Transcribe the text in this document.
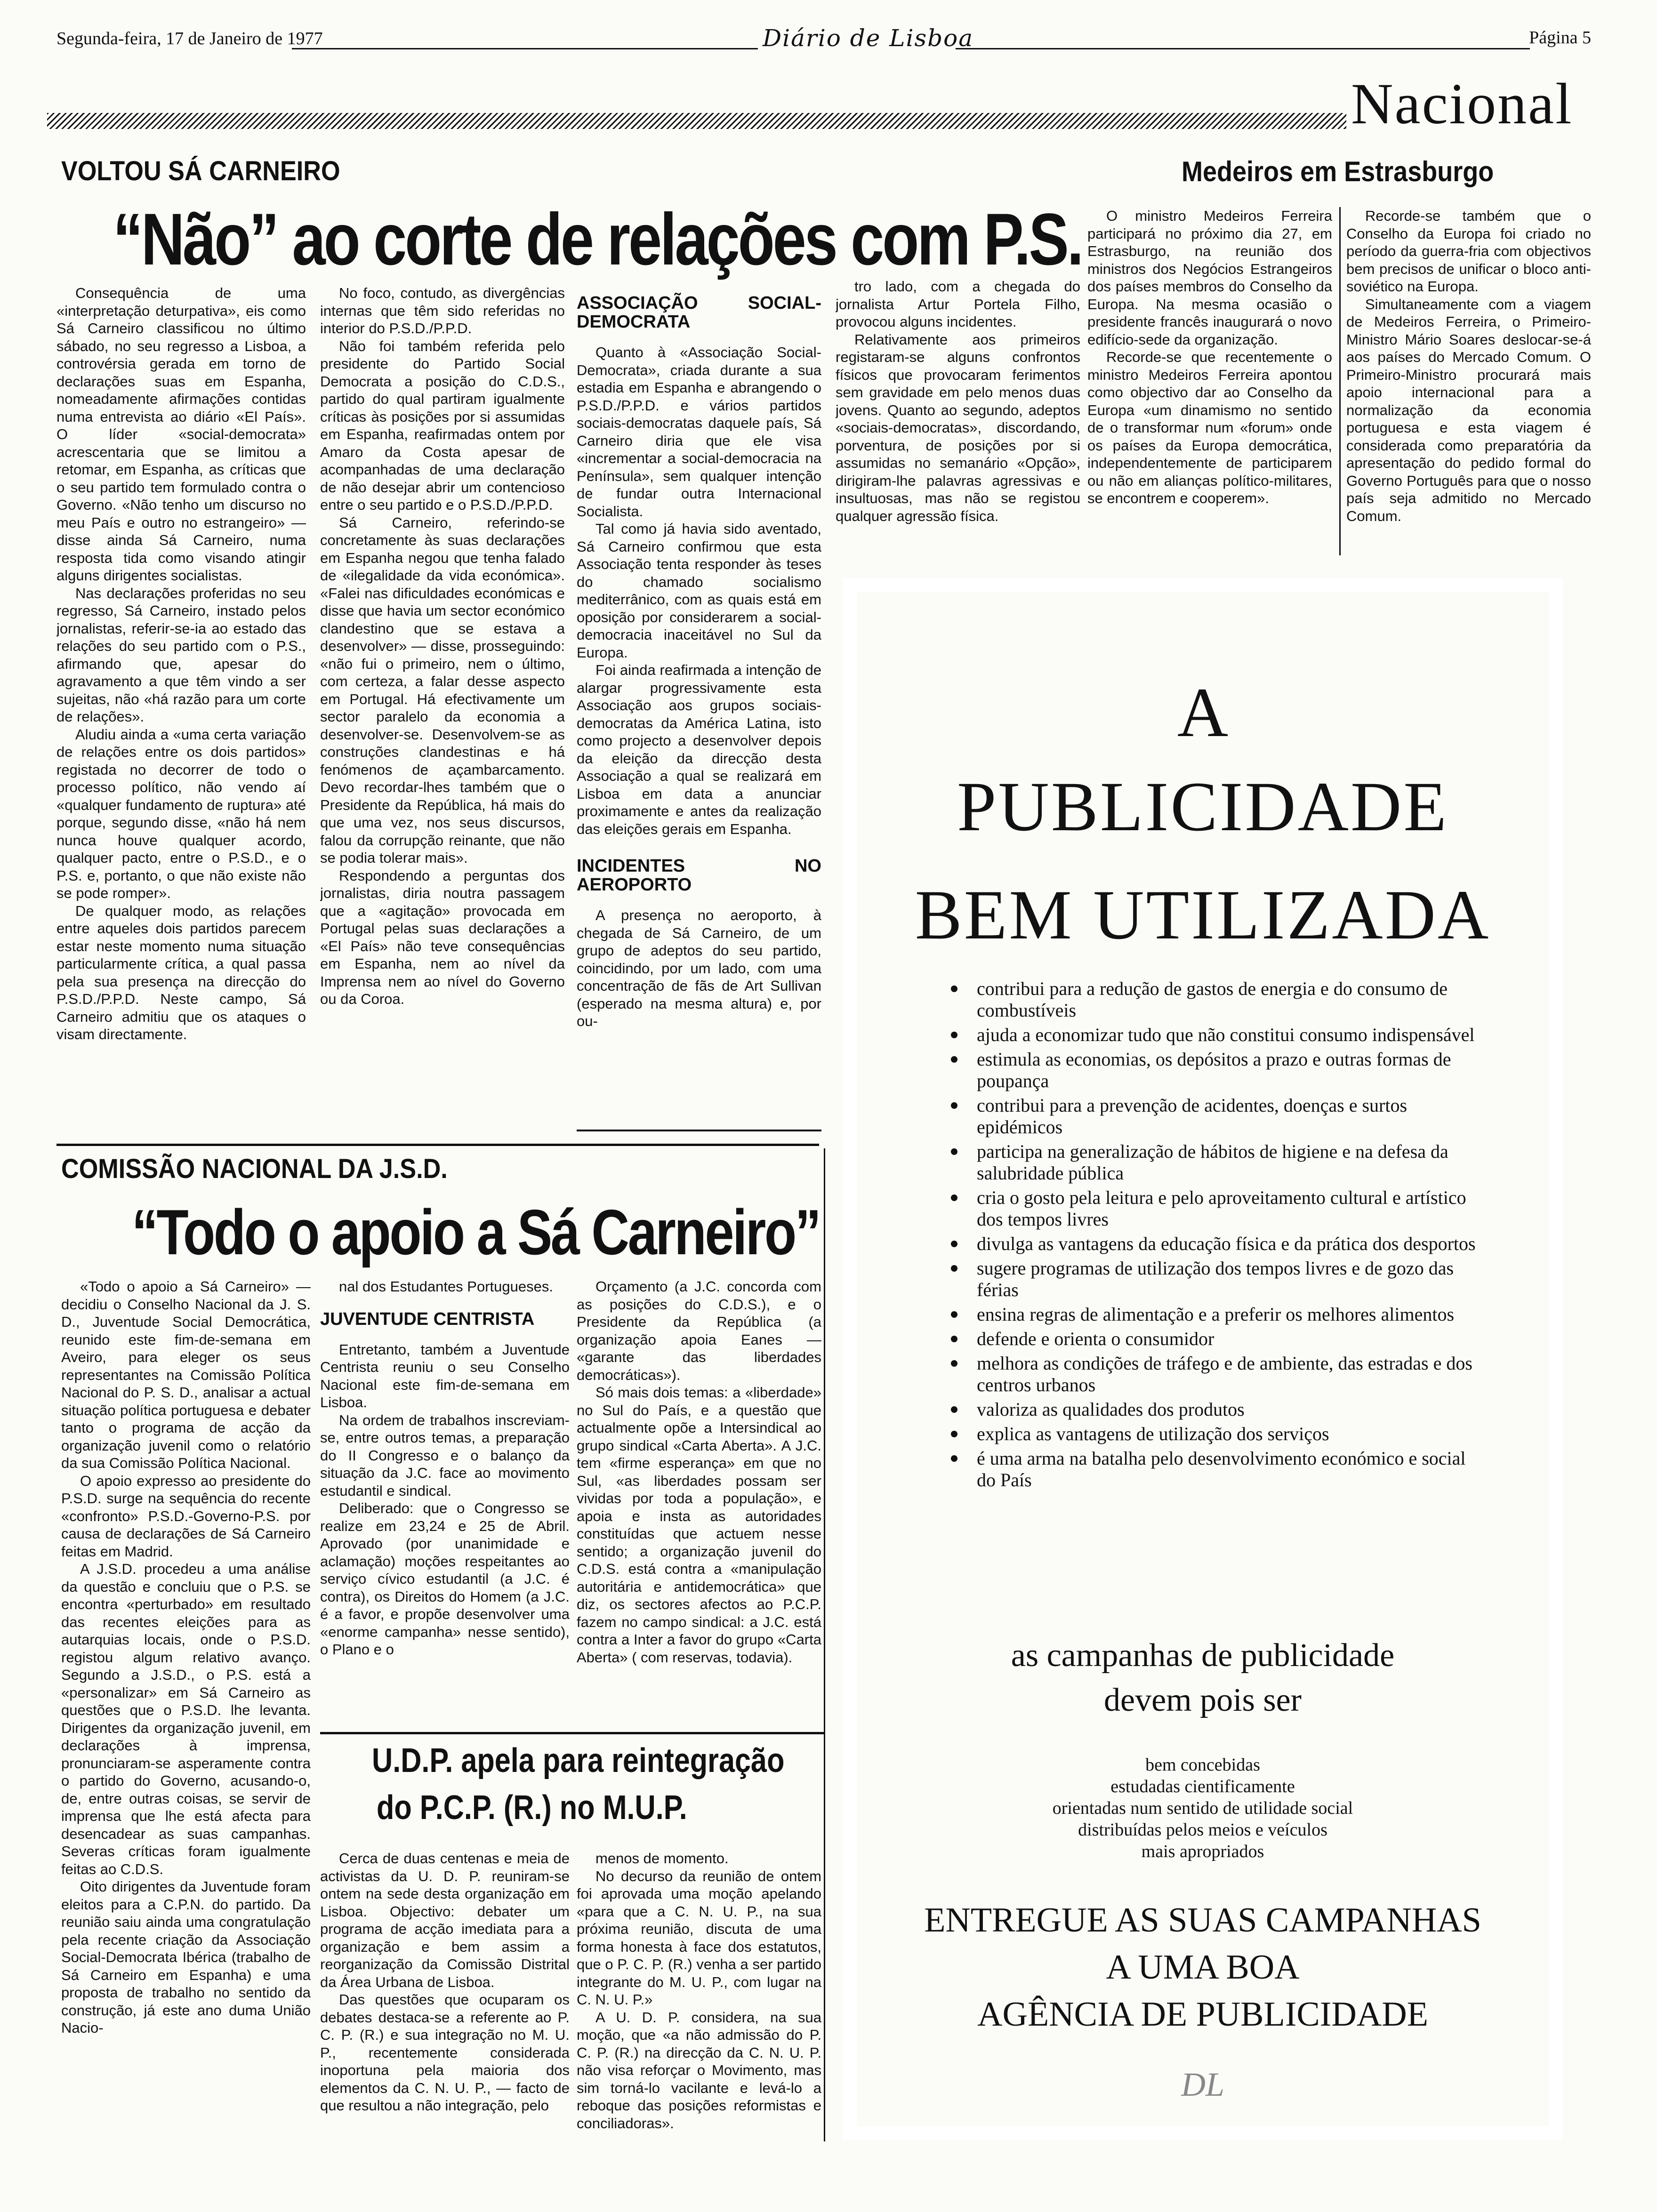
Segunda-feira, 17 de Janeiro de 1977	Diário de Lisboa	Página 5
Nacional
VOLTOU SÁ CARNEIRO
“Não” ao corte de relações com P.S.

Consequência de uma «interpretação deturpativa», eis como Sá Carneiro classificou no último sábado, no seu regresso a Lisboa, a controvérsia gerada em torno de declarações suas em Espanha, nomeadamente afirmações contidas numa entrevista ao diário «El País». O líder «social-democrata» acrescentaria que se limitou a retomar, em Espanha, as críticas que o seu partido tem formulado contra o Governo. «Não tenho um discurso no meu País e outro no estrangeiro» — disse ainda Sá Carneiro, numa resposta tida como visando atingir alguns dirigentes socialistas.

Nas declarações proferidas no seu regresso, Sá Carneiro, instado pelos jornalistas, referir-se-ia ao estado das relações do seu partido com o P.S., afirmando que, apesar do agravamento a que têm vindo a ser sujeitas, não «há razão para um corte de relações».

Aludiu ainda a «uma certa variação de relações entre os dois partidos» registada no decorrer de todo o processo político, não vendo aí «qualquer fundamento de ruptura» até porque, segundo disse, «não há nem nunca houve qualquer acordo, qualquer pacto, entre o P.S.D., e o P.S. e, portanto, o que não existe não se pode romper».

De qualquer modo, as relações entre aqueles dois partidos parecem estar neste momento numa situação particularmente crítica, a qual passa pela sua presença na direcção do P.S.D./P.P.D. Neste campo, Sá Carneiro admitiu que os ataques o visam directamente.

No foco, contudo, as divergências internas que têm sido referidas no interior do P.S.D./P.P.D.

Não foi também referida pelo presidente do Partido Social Democrata a posição do C.D.S., partido do qual partiram igualmente críticas às posições por si assumidas em Espanha, reafirmadas ontem por Amaro da Costa apesar de acompanhadas de uma declaração de não desejar abrir um contencioso entre o seu partido e o P.S.D./P.P.D.

Sá Carneiro, referindo-se concretamente às suas declarações em Espanha negou que tenha falado de «ilegalidade da vida económica». «Falei nas dificuldades económicas e disse que havia um sector económico clandestino que se estava a desenvolver» — disse, prosseguindo: «não fui o primeiro, nem o último, com certeza, a falar desse aspecto em Portugal. Há efectivamente um sector paralelo da economia a desenvolver-se. Desenvolvem-se as construções clandestinas e há fenómenos de açambarcamento. Devo recordar-lhes também que o Presidente da República, há mais do que uma vez, nos seus discursos, falou da corrupção reinante, que não se podia tolerar mais».

Respondendo a perguntas dos jornalistas, diria noutra passagem que a «agitação» provocada em Portugal pelas suas declarações a «El País» não teve consequências em Espanha, nem ao nível da Imprensa nem ao nível do Governo ou da Coroa.

ASSOCIAÇÃO SOCIAL-DEMOCRATA

Quanto à «Associação Social-Democrata», criada durante a sua estadia em Espanha e abrangendo o P.S.D./P.P.D. e vários partidos sociais-democratas daquele país, Sá Carneiro diria que ele visa «incrementar a social-democracia na Península», sem qualquer intenção de fundar outra Internacional Socialista.

Tal como já havia sido aventado, Sá Carneiro confirmou que esta Associação tenta responder às teses do chamado socialismo mediterrânico, com as quais está em oposição por considerarem a social-democracia inaceitável no Sul da Europa.

Foi ainda reafirmada a intenção de alargar progressivamente esta Associação aos grupos sociais-democratas da América Latina, isto como projecto a desenvolver depois da eleição da direcção desta Associação a qual se realizará em Lisboa em data a anunciar proximamente e antes da realização das eleições gerais em Espanha.

INCIDENTES NO AEROPORTO

A presença no aeroporto, à chegada de Sá Carneiro, de um grupo de adeptos do seu partido, coincidindo, por um lado, com uma concentração de fãs de Art Sullivan (esperado na mesma altura) e, por ou-

tro lado, com a chegada do jornalista Artur Portela Filho, provocou alguns incidentes.

Relativamente aos primeiros registaram-se alguns confrontos físicos que provocaram ferimentos sem gravidade em pelo menos duas jovens. Quanto ao segundo, adeptos «sociais-democratas», discordando, porventura, de posições por si assumidas no semanário «Opção», dirigiram-lhe palavras agressivas e insultuosas, mas não se registou qualquer agressão física.

Medeiros em Estrasburgo

O ministro Medeiros Ferreira participará no próximo dia 27, em Estrasburgo, na reunião dos ministros dos Negócios Estrangeiros dos países membros do Conselho da Europa. Na mesma ocasião o presidente francês inaugurará o novo edifício-sede da organização.

Recorde-se que recentemente o ministro Medeiros Ferreira apontou como objectivo dar ao Conselho da Europa «um dinamismo no sentido de o transformar num «forum» onde os países da Europa democrática, independentemente de participarem ou não em alianças político-militares, se encontrem e cooperem».

Recorde-se também que o Conselho da Europa foi criado no período da guerra-fria com objectivos bem precisos de unificar o bloco anti-soviético na Europa.

Simultaneamente com a viagem de Medeiros Ferreira, o Primeiro-Ministro Mário Soares deslocar-se-á aos países do Mercado Comum. O Primeiro-Ministro procurará mais apoio internacional para a normalização da economia portuguesa e esta viagem é considerada como preparatória da apresentação do pedido formal do Governo Português para que o nosso país seja admitido no Mercado Comum.

COMISSÃO NACIONAL DA J.S.D.
“Todo o apoio a Sá Carneiro”

«Todo o apoio a Sá Carneiro» — decidiu o Conselho Nacional da J. S. D., Juventude Social Democrática, reunido este fim-de-semana em Aveiro, para eleger os seus representantes na Comissão Política Nacional do P. S. D., analisar a actual situação política portuguesa e debater tanto o programa de acção da organização juvenil como o relatório da sua Comissão Política Nacional.

O apoio expresso ao presidente do P.S.D. surge na sequência do recente «confronto» P.S.D.-Governo-P.S. por causa de declarações de Sá Carneiro feitas em Madrid.

A J.S.D. procedeu a uma análise da questão e concluiu que o P.S. se encontra «perturbado» em resultado das recentes eleições para as autarquias locais, onde o P.S.D. registou algum relativo avanço. Segundo a J.S.D., o P.S. está a «personalizar» em Sá Carneiro as questões que o P.S.D. lhe levanta. Dirigentes da organização juvenil, em declarações à imprensa, pronunciaram-se asperamente contra o partido do Governo, acusando-o, de, entre outras coisas, se servir de imprensa que lhe está afecta para desencadear as suas campanhas. Severas críticas foram igualmente feitas ao C.D.S.

Oito dirigentes da Juventude foram eleitos para a C.P.N. do partido. Da reunião saiu ainda uma congratulação pela recente criação da Associação Social-Democrata Ibérica (trabalho de Sá Carneiro em Espanha) e uma proposta de trabalho no sentido da construção, já este ano duma União Nacio-

nal dos Estudantes Portugueses.

JUVENTUDE CENTRISTA

Entretanto, também a Juventude Centrista reuniu o seu Conselho Nacional este fim-de-semana em Lisboa.

Na ordem de trabalhos inscreviam-se, entre outros temas, a preparação do II Congresso e o balanço da situação da J.C. face ao movimento estudantil e sindical.

Deliberado: que o Congresso se realize em 23,24 e 25 de Abril. Aprovado (por unanimidade e aclamação) moções respeitantes ao serviço cívico estudantil (a J.C. é contra), os Direitos do Homem (a J.C. é a favor, e propõe desenvolver uma «enorme campanha» nesse sentido), o Plano e o

Orçamento (a J.C. concorda com as posições do C.D.S.), e o Presidente da República (a organização apoia Eanes — «garante das liberdades democráticas»).

Só mais dois temas: a «liberdade» no Sul do País, e a questão que actualmente opõe a Intersindical ao grupo sindical «Carta Aberta». A J.C. tem «firme esperança» em que no Sul, «as liberdades possam ser vividas por toda a população», e apoia e insta as autoridades constituídas que actuem nesse sentido; a organização juvenil do C.D.S. está contra a «manipulação autoritária e antidemocrática» que diz, os sectores afectos ao P.C.P. fazem no campo sindical: a J.C. está contra a Inter a favor do grupo «Carta Aberta» ( com reservas, todavia).

U.D.P. apela para reintegração
do P.C.P. (R.) no M.U.P.

Cerca de duas centenas e meia de activistas da U. D. P. reuniram-se ontem na sede desta organização em Lisboa. Objectivo: debater um programa de acção imediata para a organização e bem assim a reorganização da Comissão Distrital da Área Urbana de Lisboa.

Das questões que ocuparam os debates destaca-se a referente ao P. C. P. (R.) e sua integração no M. U. P., recentemente considerada inoportuna pela maioria dos elementos da C. N. U. P., — facto de que resultou a não integração, pelo

menos de momento.

No decurso da reunião de ontem foi aprovada uma moção apelando «para que a C. N. U. P., na sua próxima reunião, discuta de uma forma honesta à face dos estatutos, que o P. C. P. (R.) venha a ser partido integrante do M. U. P., com lugar na C. N. U. P.»

A U. D. P. considera, na sua moção, que «a não admissão do P. C. P. (R.) na direcção da C. N. U. P. não visa reforçar o Movimento, mas sim torná-lo vacilante e levá-lo a reboque das posições reformistas e conciliadoras».

A
PUBLICIDADE
BEM UTILIZADA
contribui para a redução de gastos de energia e do consumo de combustíveis
ajuda a economizar tudo que não constitui consumo indispensável
estimula as economias, os depósitos a prazo e outras formas de poupança
contribui para a prevenção de acidentes, doenças e surtos epidémicos
participa na generalização de hábitos de higiene e na defesa da salubridade pública
cria o gosto pela leitura e pelo aproveitamento cultural e artístico dos tempos livres
divulga as vantagens da educação física e da prática dos desportos
sugere programas de utilização dos tempos livres e de gozo das férias
ensina regras de alimentação e a preferir os melhores alimentos
defende e orienta o consumidor
melhora as condições de tráfego e de ambiente, das estradas e dos centros urbanos
valoriza as qualidades dos produtos
explica as vantagens de utilização dos serviços
é uma arma na batalha pelo desenvolvimento económico e social do País
as campanhas de publicidade
devem pois ser
bem concebidas
estudadas cientificamente
orientadas num sentido de utilidade social
distribuídas pelos meios e veículos
mais apropriados
ENTREGUE AS SUAS CAMPANHAS
A UMA BOA
AGÊNCIA DE PUBLICIDADE
DL
